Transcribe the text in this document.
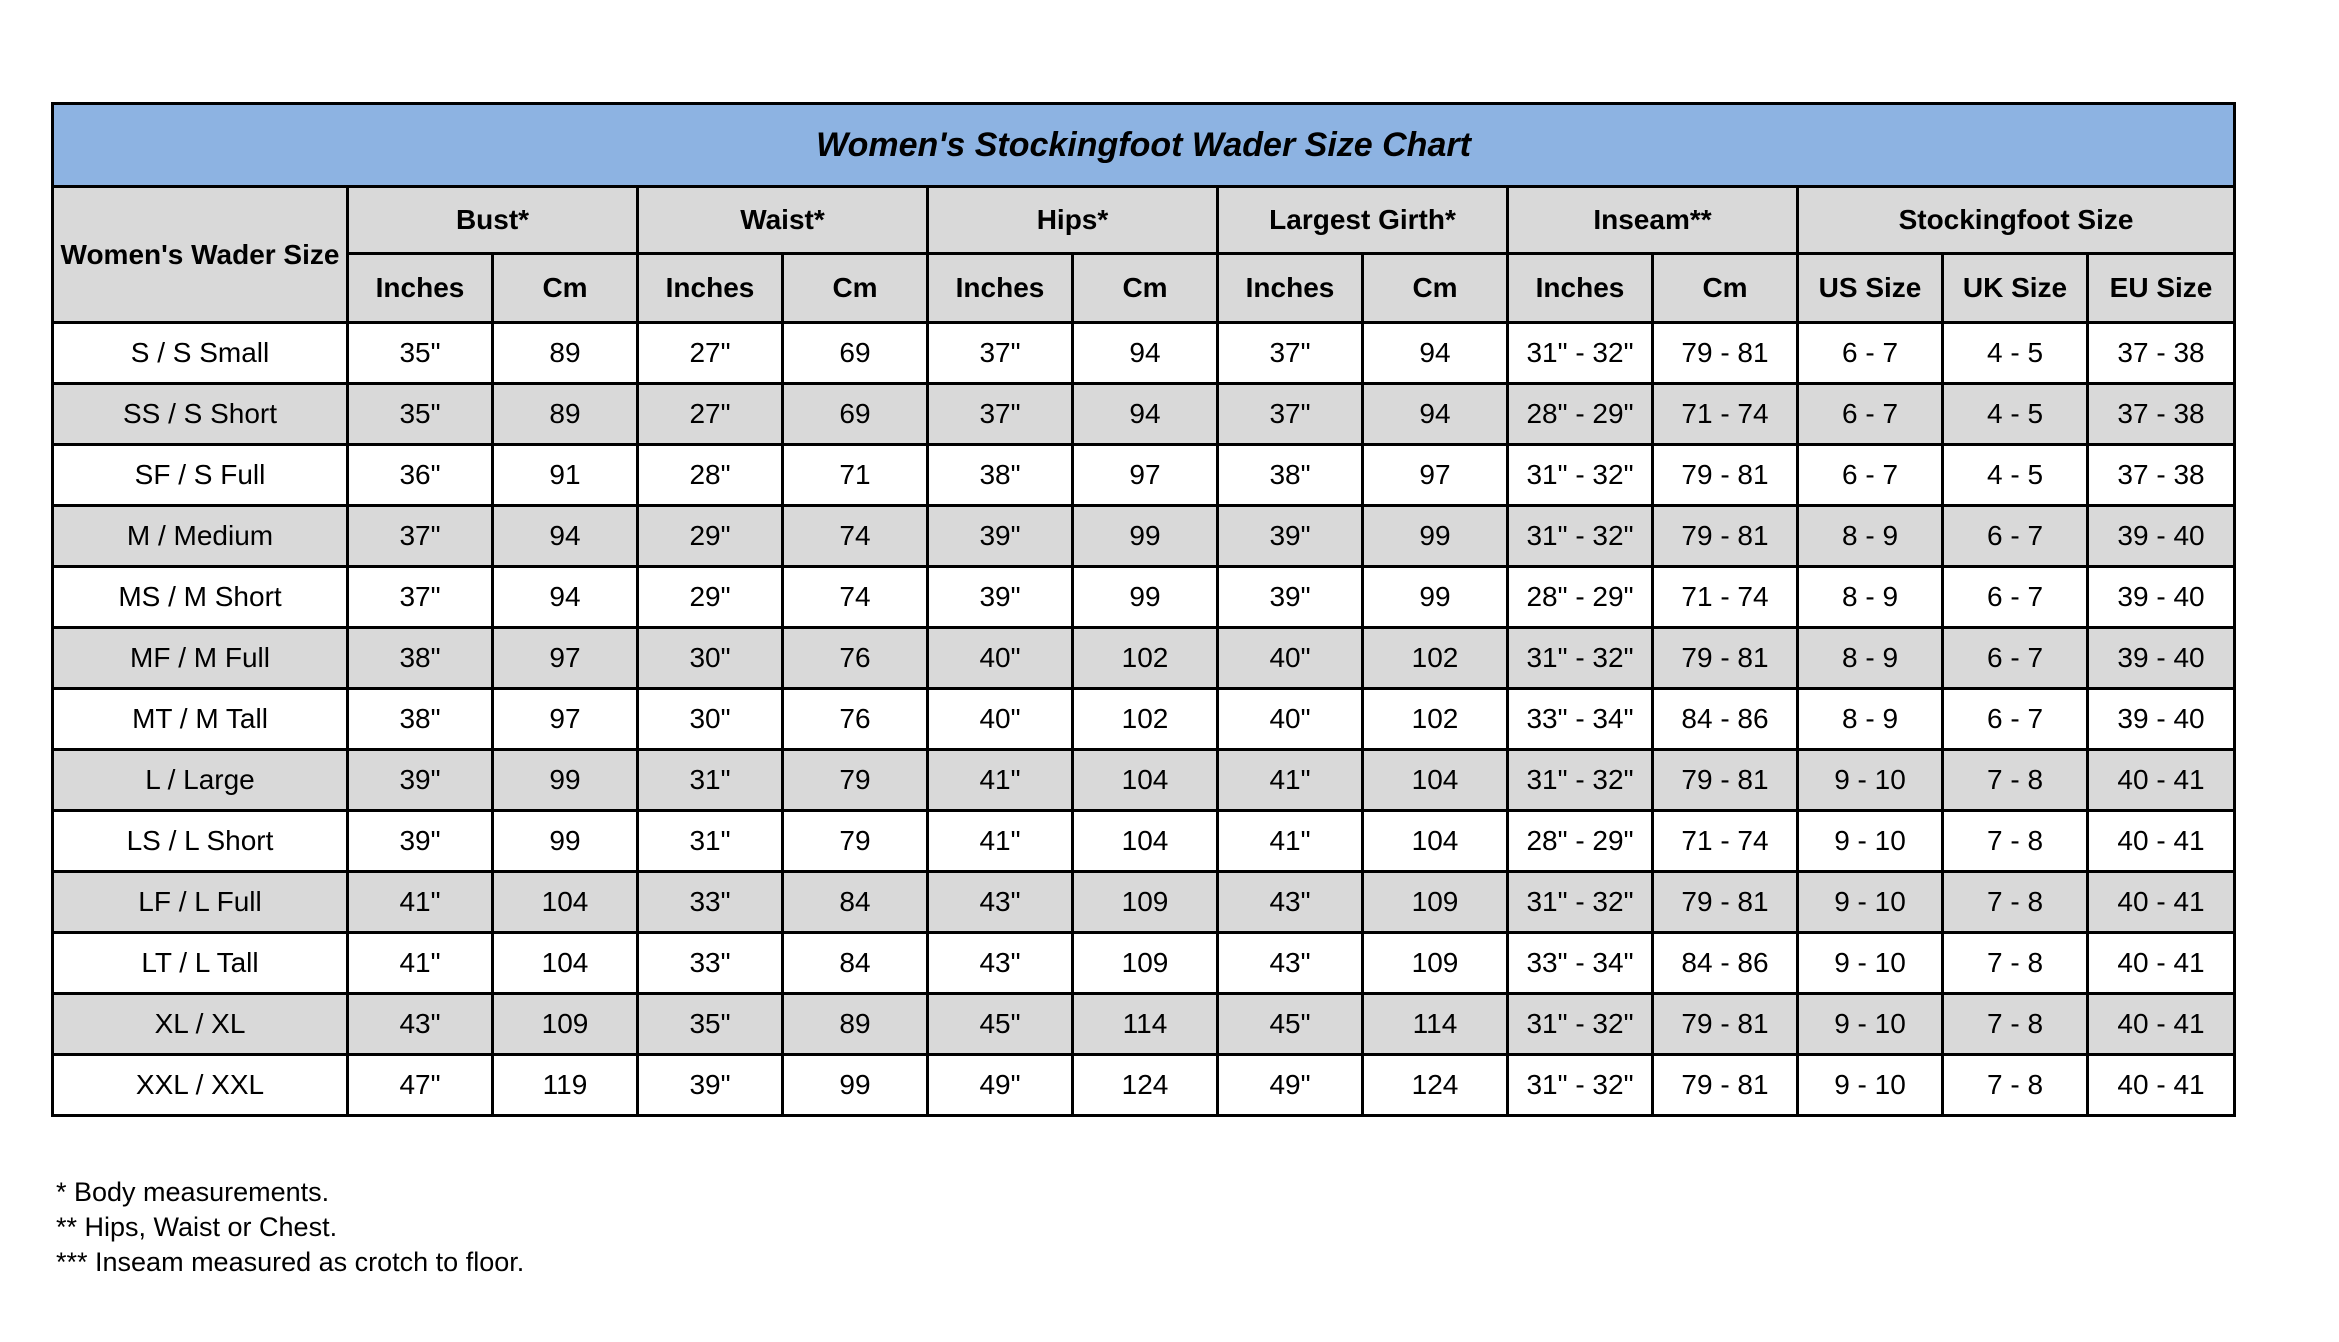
Women's Stockingfoot Wader Size Chart													
Women's Wader Size	Bust*		Waist*		Hips*		Largest Girth*		Inseam**		Stockingfoot Size		
	Inches	Cm	Inches	Cm	Inches	Cm	Inches	Cm	Inches	Cm	US Size	UK Size	EU Size
S / S Small	35"	89	27"	69	37"	94	37"	94	31" - 32"	79 - 81	6 - 7	4 - 5	37 - 38
SS / S Short	35"	89	27"	69	37"	94	37"	94	28" - 29"	71 - 74	6 - 7	4 - 5	37 - 38
SF / S Full	36"	91	28"	71	38"	97	38"	97	31" - 32"	79 - 81	6 - 7	4 - 5	37 - 38
M / Medium	37"	94	29"	74	39"	99	39"	99	31" - 32"	79 - 81	8 - 9	6 - 7	39 - 40
MS / M Short	37"	94	29"	74	39"	99	39"	99	28" - 29"	71 - 74	8 - 9	6 - 7	39 - 40
MF / M Full	38"	97	30"	76	40"	102	40"	102	31" - 32"	79 - 81	8 - 9	6 - 7	39 - 40
MT / M Tall	38"	97	30"	76	40"	102	40"	102	33" - 34"	84 - 86	8 - 9	6 - 7	39 - 40
L / Large	39"	99	31"	79	41"	104	41"	104	31" - 32"	79 - 81	9 - 10	7 - 8	40 - 41
LS / L Short	39"	99	31"	79	41"	104	41"	104	28" - 29"	71 - 74	9 - 10	7 - 8	40 - 41
LF / L Full	41"	104	33"	84	43"	109	43"	109	31" - 32"	79 - 81	9 - 10	7 - 8	40 - 41
LT / L Tall	41"	104	33"	84	43"	109	43"	109	33" - 34"	84 - 86	9 - 10	7 - 8	40 - 41
XL / XL	43"	109	35"	89	45"	114	45"	114	31" - 32"	79 - 81	9 - 10	7 - 8	40 - 41
XXL / XXL	47"	119	39"	99	49"	124	49"	124	31" - 32"	79 - 81	9 - 10	7 - 8	40 - 41
* Body measurements.
** Hips, Waist or Chest.
*** Inseam measured as crotch to floor.
